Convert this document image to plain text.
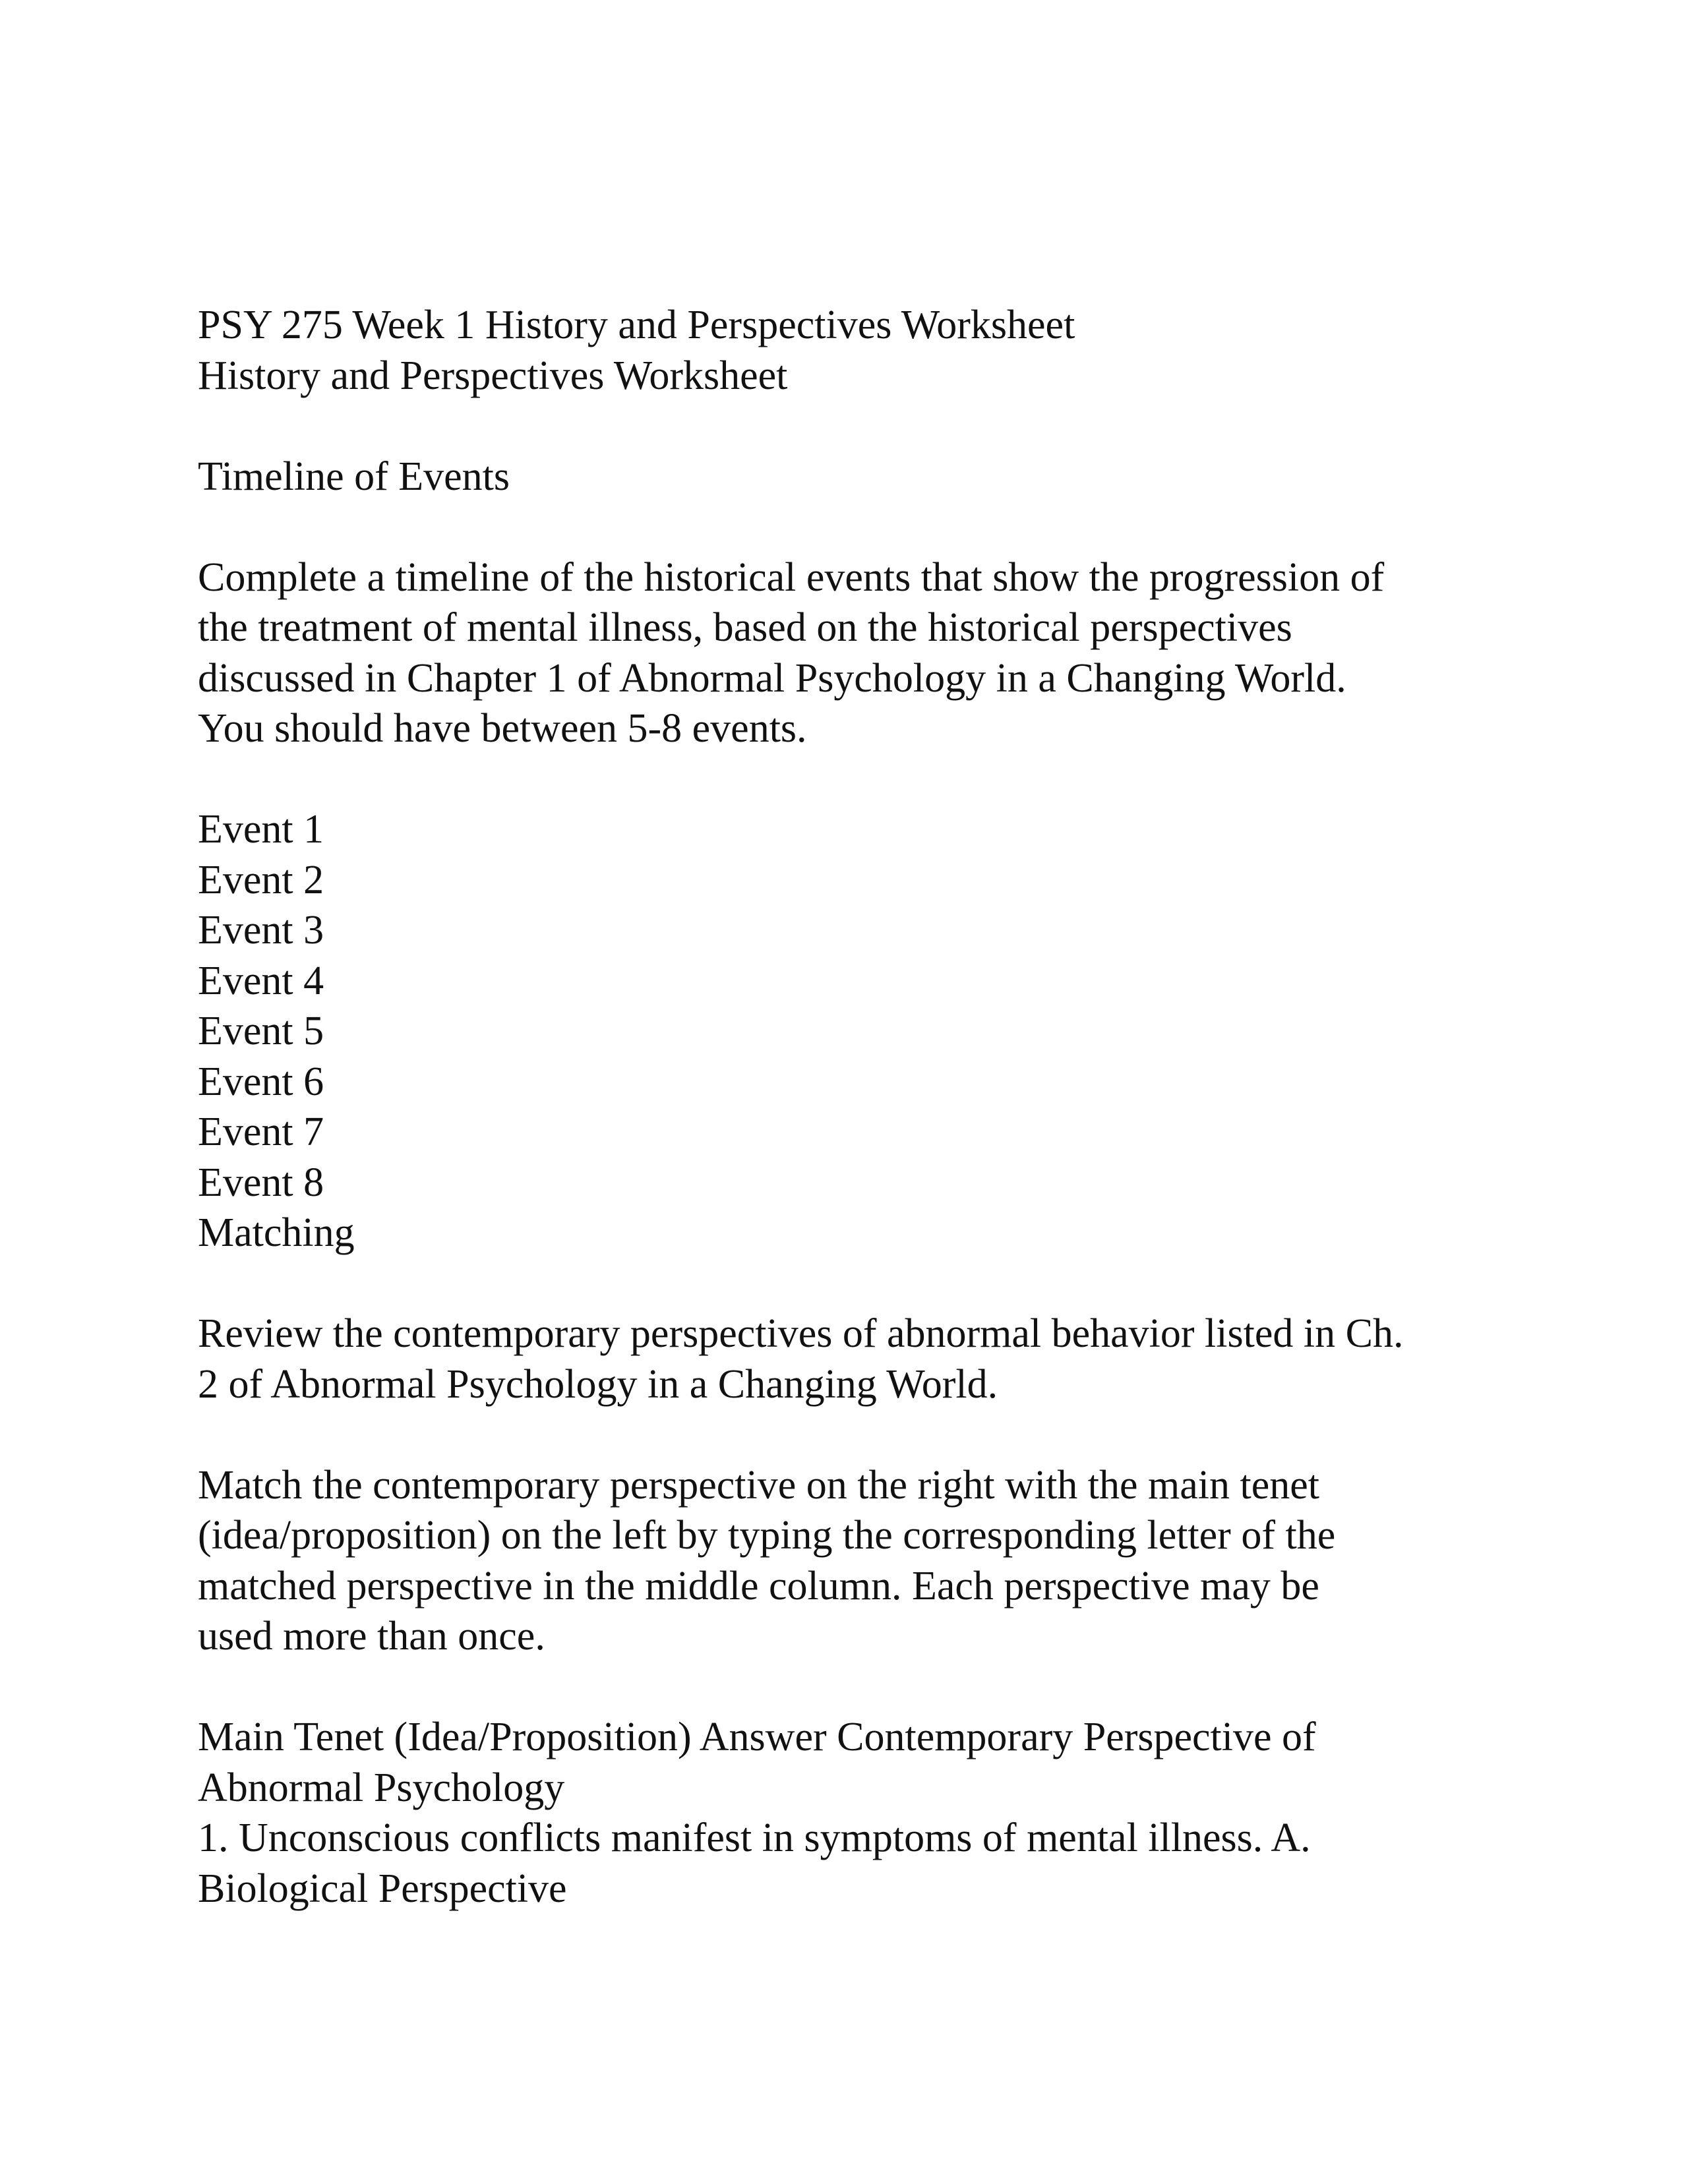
PSY 275 Week 1 History and Perspectives Worksheet
History and Perspectives Worksheet
Timeline of Events
Complete a timeline of the historical events that show the progression of
the treatment of mental illness, based on the historical perspectives
discussed in Chapter 1 of Abnormal Psychology in a Changing World.
You should have between 5-8 events.
Event 1
Event 2
Event 3
Event 4
Event 5
Event 6
Event 7
Event 8
Matching
Review the contemporary perspectives of abnormal behavior listed in Ch.
2 of Abnormal Psychology in a Changing World.
Match the contemporary perspective on the right with the main tenet
(idea/proposition) on the left by typing the corresponding letter of the
matched perspective in the middle column. Each perspective may be
used more than once.
Main Tenet (Idea/Proposition) Answer Contemporary Perspective of
Abnormal Psychology
1. Unconscious conflicts manifest in symptoms of mental illness. A.
Biological Perspective
